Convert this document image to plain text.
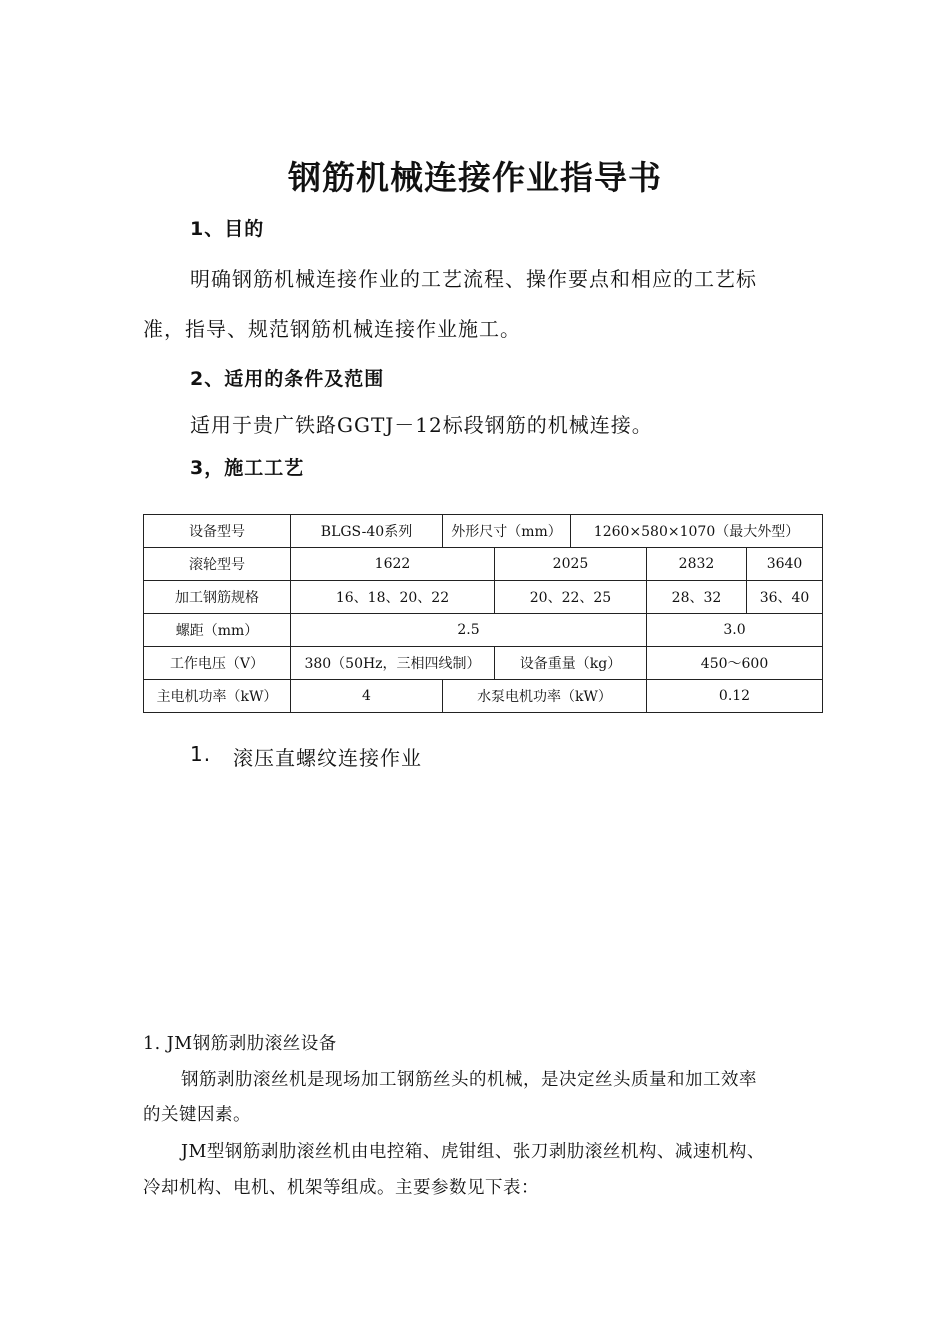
钢筋机械连接作业指导书
1、目的
明确钢筋机械连接作业的工艺流程、操作要点和相应的工艺标
准，指导、规范钢筋机械连接作业施工。
2、适用的条件及范围
适用于贵广铁路GGTJ－12标段钢筋的机械连接。
3，施工工艺
设备型号	BLGS-40系列	外形尺寸（mm）		1260×580×1070（最大外型）		
滚轮型号	1622		2025		2832	3640
加工钢筋规格	16、18、20、22		20、22、25		28、32	36、40
螺距（mm）	2.5				3.0	
工作电压（V）	380（50Hz，三相四线制）		设备重量（kg）		450～600	
主电机功率（kW）	4	水泵电机功率（kW）			0.12	
1. 滚压直螺纹连接作业
1. JM钢筋剥肋滚丝设备
钢筋剥肋滚丝机是现场加工钢筋丝头的机械，是决定丝头质量和加工效率
的关键因素。
JM型钢筋剥肋滚丝机由电控箱、虎钳组、张刀剥肋滚丝机构、减速机构、
冷却机构、电机、机架等组成。主要参数见下表：
